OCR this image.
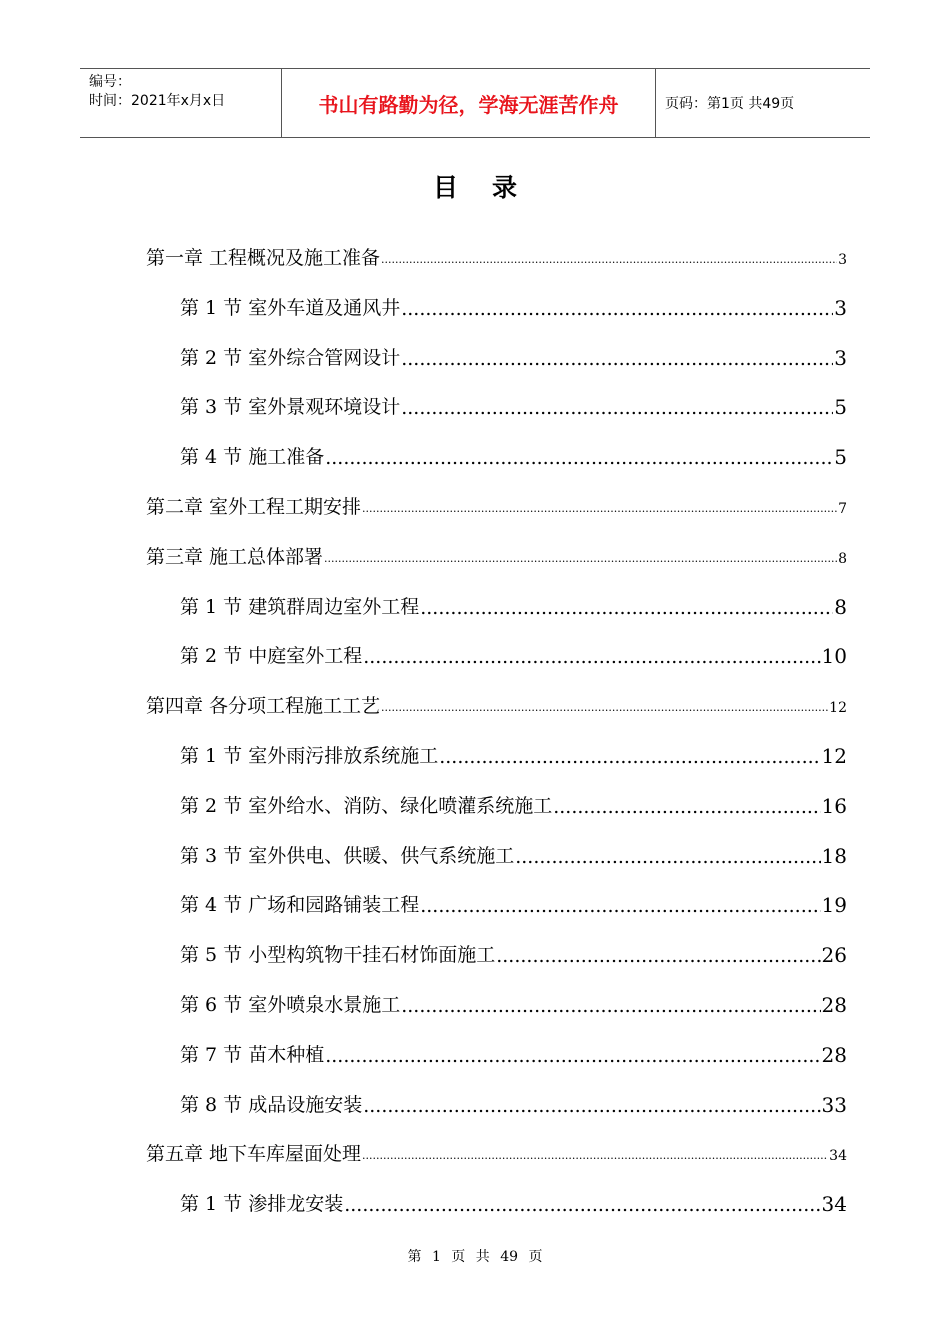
编号：
时间：2021年x月x日	书山有路勤为径，学海无涯苦作舟	页码：第1页 共49页
目录
第一章 工程概况及施工准备 .....	3
第 1 节 室外车道及通风井 .....	3
第 2 节 室外综合管网设计 .....	3
第 3 节 室外景观环境设计 .....	5
第 4 节 施工准备 .....	5
第二章 室外工程工期安排 .....	7
第三章 施工总体部署 .....	8
第 1 节 建筑群周边室外工程 .....	8
第 2 节 中庭室外工程 .....	10
第四章 各分项工程施工工艺 .....	12
第 1 节 室外雨污排放系统施工 .....	12
第 2 节 室外给水、消防、绿化喷灌系统施工 .....	16
第 3 节 室外供电、供暖、供气系统施工 .....	18
第 4 节 广场和园路铺装工程 .....	19
第 5 节 小型构筑物干挂石材饰面施工 .....	26
第 6 节 室外喷泉水景施工 .....	28
第 7 节 苗木种植 .....	28
第 8 节 成品设施安装 .....	33
第五章 地下车库屋面处理 .....	34
第 1 节 渗排龙安装 .....	34
第 1 页 共 49 页
